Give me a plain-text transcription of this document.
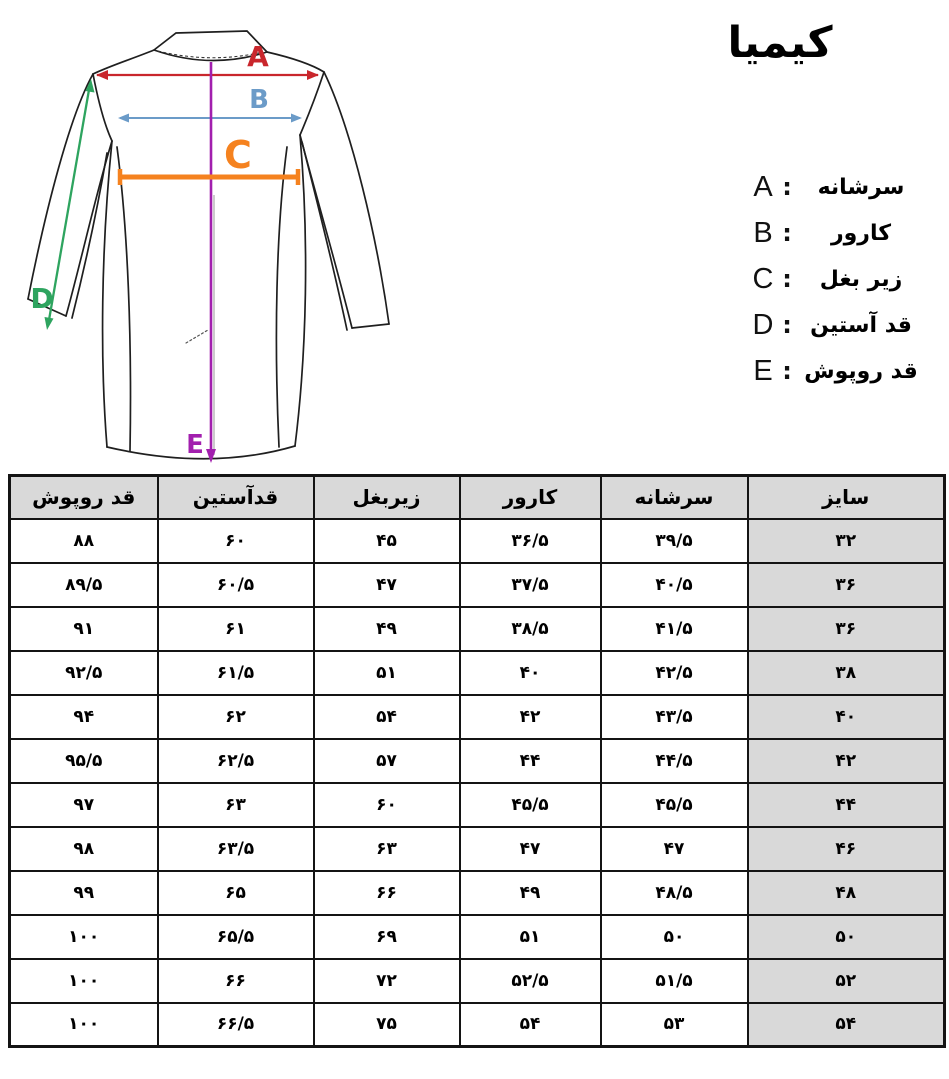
کیمیا
A
B
E
C
D
A :	سرشانه
B :	کارور
C :	زیر بغل
D : قد آستین
E : قد روپوش
سایز	سرشانه	کارور	زیربغل	قدآستین	قد روپوش
۳۲	۳۹/۵	۳۶/۵	۴۵	۶۰	۸۸
۳۶	۴۰/۵	۳۷/۵	۴۷	۶۰/۵	۸۹/۵
۳۶	۴۱/۵	۳۸/۵	۴۹	۶۱	۹۱
۳۸	۴۲/۵	۴۰	۵۱	۶۱/۵	۹۲/۵
۴۰	۴۳/۵	۴۲	۵۴	۶۲	۹۴
۴۲	۴۴/۵	۴۴	۵۷	۶۲/۵	۹۵/۵
۴۴	۴۵/۵	۴۵/۵	۶۰	۶۳	۹۷
۴۶	۴۷	۴۷	۶۳	۶۳/۵	۹۸
۴۸	۴۸/۵	۴۹	۶۶	۶۵	۹۹
۵۰	۵۰	۵۱	۶۹	۶۵/۵	۱۰۰
۵۲	۵۱/۵	۵۲/۵	۷۲	۶۶	۱۰۰
۵۴	۵۳	۵۴	۷۵	۶۶/۵	۱۰۰
